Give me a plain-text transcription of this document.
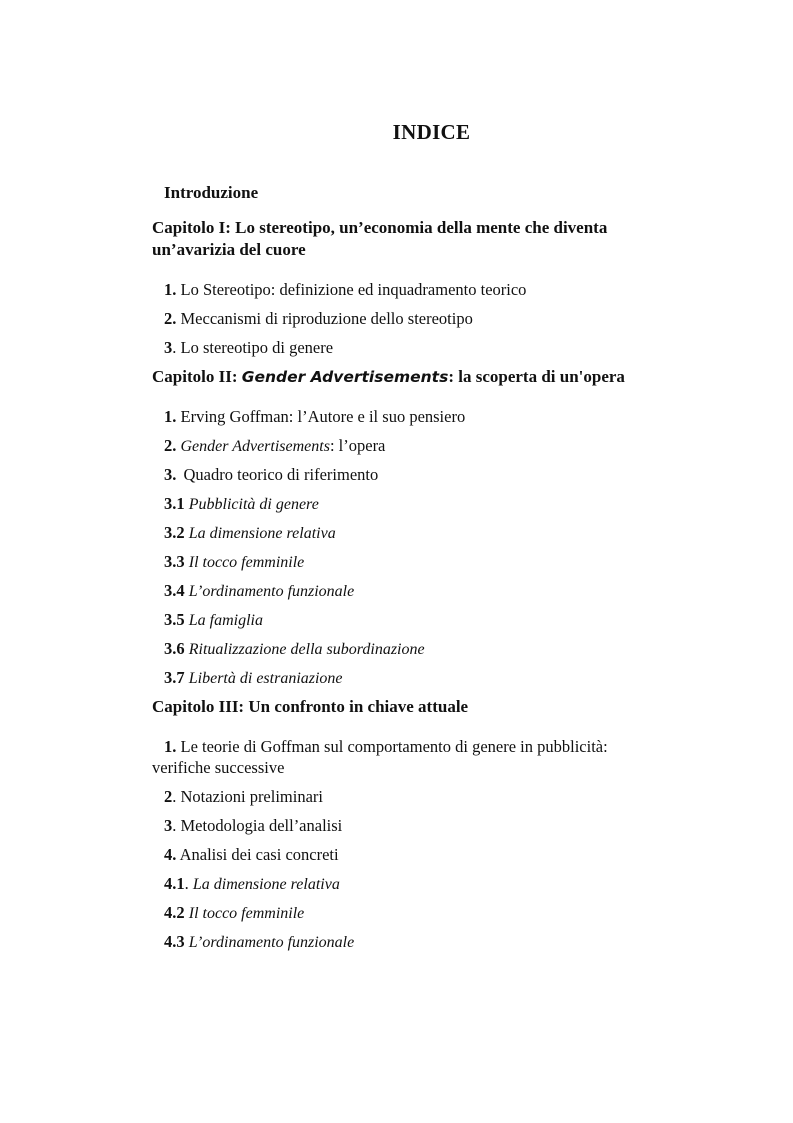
INDICE
Introduzione
Capitolo I: Lo stereotipo, un’economia della mente che diventa
un’avarizia del cuore
1. Lo Stereotipo: definizione ed inquadramento teorico
2. Meccanismi di riproduzione dello stereotipo
3. Lo stereotipo di genere
Capitolo II: Gender Advertisements: la scoperta di un'opera
1. Erving Goffman: l’Autore e il suo pensiero
2. Gender Advertisements: l’opera
3. Quadro teorico di riferimento
3.1 Pubblicità di genere
3.2 La dimensione relativa
3.3 Il tocco femminile
3.4 L’ordinamento funzionale
3.5 La famiglia
3.6 Ritualizzazione della subordinazione
3.7 Libertà di estraniazione
Capitolo III: Un confronto in chiave attuale
1. Le teorie di Goffman sul comportamento di genere in pubblicità:
verifiche successive
2. Notazioni preliminari
3. Metodologia dell’analisi
4. Analisi dei casi concreti
4.1. La dimensione relativa
4.2 Il tocco femminile
4.3 L’ordinamento funzionale
